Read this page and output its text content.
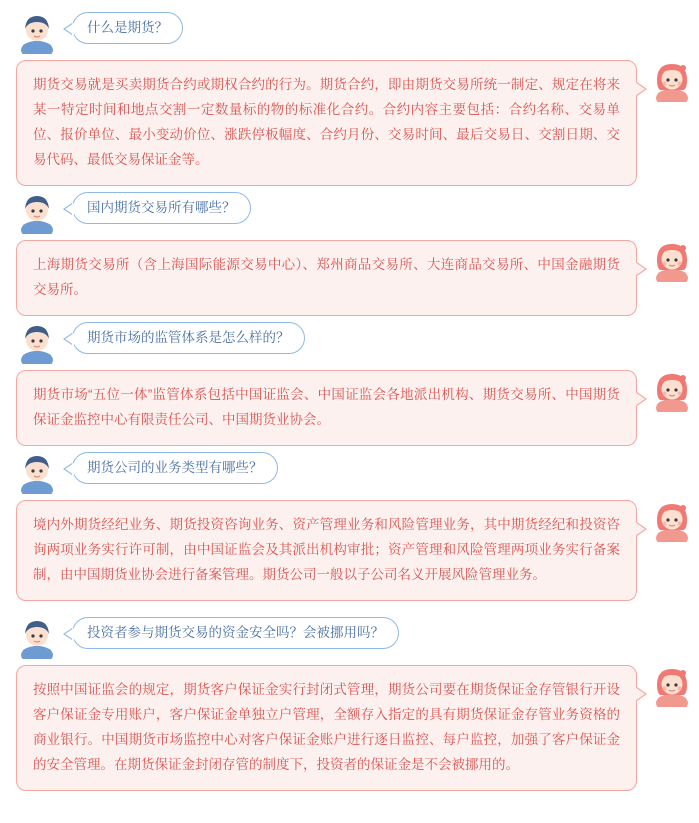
什么是期货？
期货交易就是买卖期货合约或期权合约的行为。期货合约，即由期货交易所统一制定、规定在将来某一特定时间和地点交割一定数量标的物的标准化合约。合约内容主要包括：合约名称、交易单位、报价单位、最小变动价位、涨跌停板幅度、合约月份、交易时间、最后交易日、交割日期、交易代码、最低交易保证金等。
国内期货交易所有哪些？
上海期货交易所（含上海国际能源交易中心）、郑州商品交易所、大连商品交易所、中国金融期货交易所。
期货市场的监管体系是怎么样的？
期货市场“五位一体”监管体系包括中国证监会、中国证监会各地派出机构、期货交易所、中国期货保证金监控中心有限责任公司、中国期货业协会。
期货公司的业务类型有哪些？
境内外期货经纪业务、期货投资咨询业务、资产管理业务和风险管理业务，其中期货经纪和投资咨询两项业务实行许可制，由中国证监会及其派出机构审批；资产管理和风险管理两项业务实行备案制，由中国期货业协会进行备案管理。期货公司一般以子公司名义开展风险管理业务。
投资者参与期货交易的资金安全吗？会被挪用吗？
按照中国证监会的规定，期货客户保证金实行封闭式管理，期货公司要在期货保证金存管银行开设客户保证金专用账户，客户保证金单独立户管理，全额存入指定的具有期货保证金存管业务资格的商业银行。中国期货市场监控中心对客户保证金账户进行逐日监控、每户监控，加强了客户保证金的安全管理。在期货保证金封闭存管的制度下，投资者的保证金是不会被挪用的。
